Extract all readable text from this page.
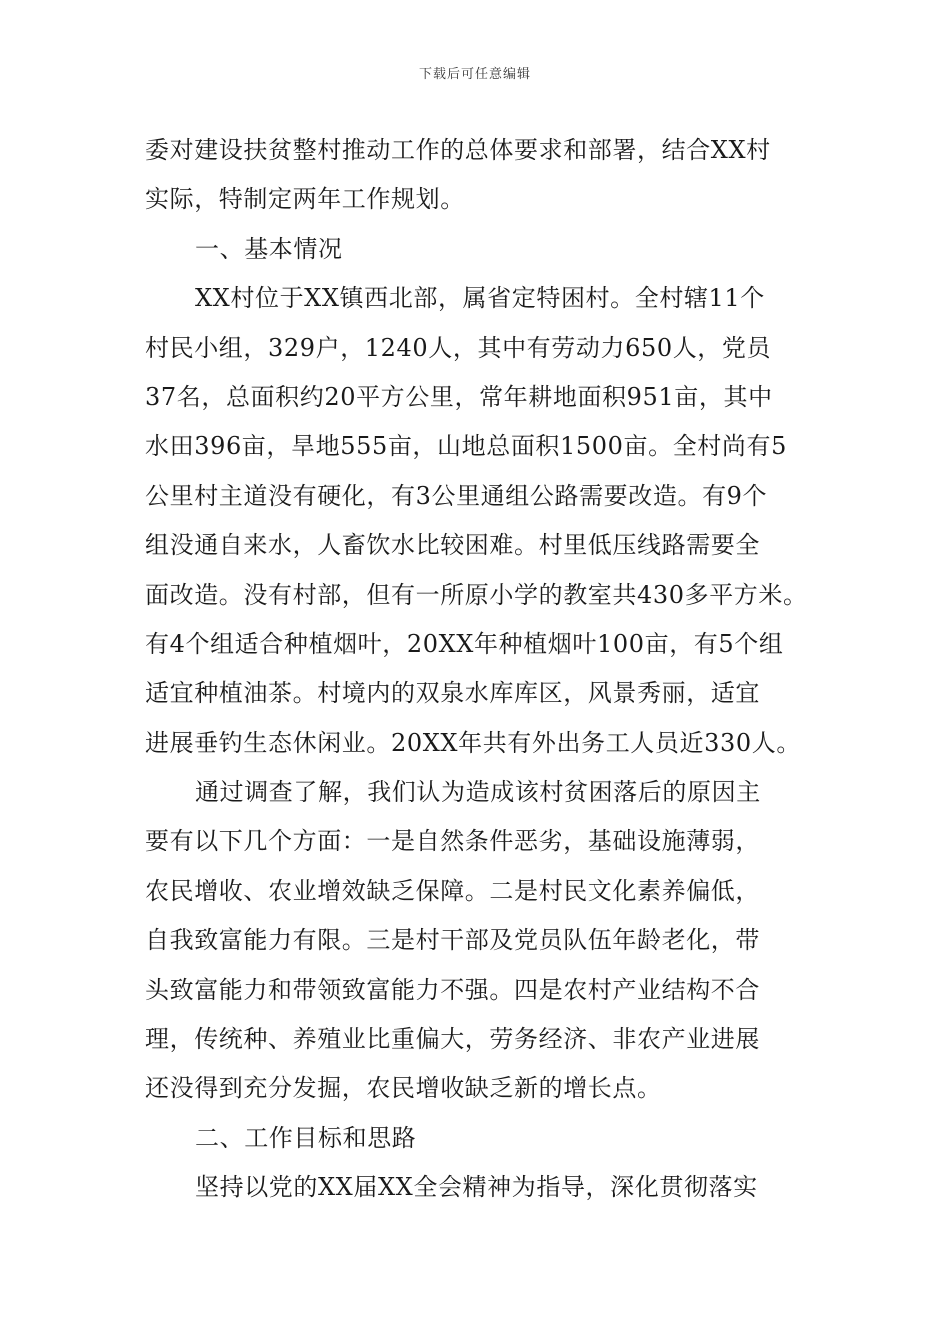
下载后可任意编辑
委对建设扶贫整村推动工作的总体要求和部署，结合XX村
实际，特制定两年工作规划。
一、基本情况
XX村位于XX镇西北部，属省定特困村。全村辖11个
村民小组，329户，1240人，其中有劳动力650人，党员
37名，总面积约20平方公里，常年耕地面积951亩，其中
水田396亩，旱地555亩，山地总面积1500亩。全村尚有5
公里村主道没有硬化，有3公里通组公路需要改造。有9个
组没通自来水，人畜饮水比较困难。村里低压线路需要全
面改造。没有村部，但有一所原小学的教室共430多平方米。
有4个组适合种植烟叶，20XX年种植烟叶100亩，有5个组
适宜种植油茶。村境内的双泉水库库区，风景秀丽，适宜
进展垂钓生态休闲业。20XX年共有外出务工人员近330人。
通过调查了解，我们认为造成该村贫困落后的原因主
要有以下几个方面：一是自然条件恶劣，基础设施薄弱，
农民增收、农业增效缺乏保障。二是村民文化素养偏低，
自我致富能力有限。三是村干部及党员队伍年龄老化，带
头致富能力和带领致富能力不强。四是农村产业结构不合
理，传统种、养殖业比重偏大，劳务经济、非农产业进展
还没得到充分发掘，农民增收缺乏新的增长点。
二、工作目标和思路
坚持以党的XX届XX全会精神为指导，深化贯彻落实
